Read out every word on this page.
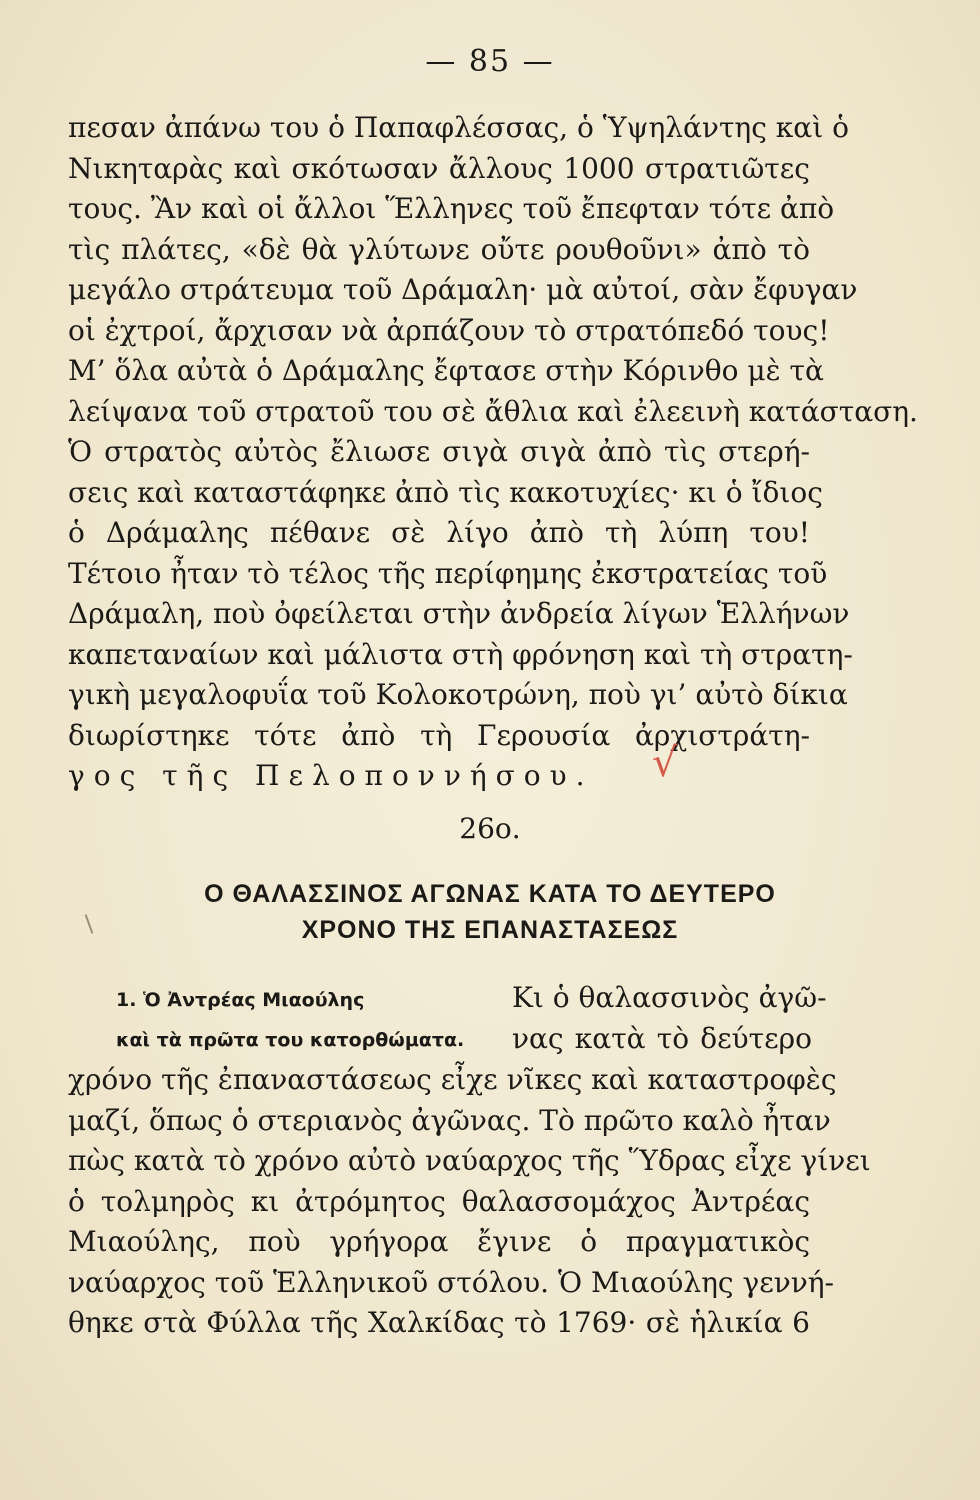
— 85 —
πεσαν ἀπάνω του ὁ Παπαφλέσσας, ὁ Ὑψηλάντης καὶ ὁ
Νικηταρὰς καὶ σκότωσαν ἄλλους 1000 στρατιῶτες
τους. Ἂν καὶ οἱ ἄλλοι Ἕλληνες τοῦ ἔπεφταν τότε ἀπὸ
τὶς πλάτες, «δὲ θὰ γλύτωνε οὔτε ρουθοῦνι» ἀπὸ τὸ
μεγάλο στράτευμα τοῦ Δράμαλη· μὰ αὐτοί, σὰν ἔφυγαν
οἱ ἐχτροί, ἄρχισαν νὰ ἀρπάζουν τὸ στρατόπεδό τους!
Μ’ ὅλα αὐτὰ ὁ Δράμαλης ἔφτασε στὴν Κόρινθο μὲ τὰ
λείψανα τοῦ στρατοῦ του σὲ ἄθλια καὶ ἐλεεινὴ κατάσταση.
Ὁ στρατὸς αὐτὸς ἔλιωσε σιγὰ σιγὰ ἀπὸ τὶς στερή-
σεις καὶ καταστάφηκε ἀπὸ τὶς κακοτυχίες· κι ὁ ἴδιος
ὁ Δράμαλης πέθανε σὲ λίγο ἀπὸ τὴ λύπη του!
Τέτοιο ἦταν τὸ τέλος τῆς περίφημης ἐκστρατείας τοῦ
Δράμαλη, ποὺ ὀφείλεται στὴν ἀνδρεία λίγων Ἑλλήνων
καπεταναίων καὶ μάλιστα στὴ φρόνηση καὶ τὴ στρατη-
γικὴ μεγαλοφυΐα τοῦ Κολοκοτρώνη, ποὺ γι’ αὐτὸ δίκια
διωρίστηκε τότε ἀπὸ τὴ Γερουσία ἀρχιστράτη-
γος τῆς Πελοποννήσου.	√
26ο.
Ο ΘΑΛΑΣΣΙΝΟΣ ΑΓΩΝΑΣ ΚΑΤΑ ΤΟ ΔΕΥΤΕΡΟ
ΧΡΟΝΟ ΤΗΣ ΕΠΑΝΑΣΤΑΣΕΩΣ
1. Ὁ Ἀντρέας Μιαούλης
καὶ τὰ πρῶτα του κατορθώματα.
Κι ὁ θαλασσινὸς ἀγῶ-
νας κατὰ τὸ δεύτερο
χρόνο τῆς ἐπαναστάσεως εἶχε νῖκες καὶ καταστροφὲς
μαζί, ὅπως ὁ στεριανὸς ἀγῶνας. Τὸ πρῶτο καλὸ ἦταν
πὼς κατὰ τὸ χρόνο αὐτὸ ναύαρχος τῆς Ὕδρας εἶχε γίνει
ὁ τολμηρὸς κι ἀτρόμητος θαλασσομάχος Ἀντρέας
Μιαούλης, ποὺ γρήγορα ἔγινε ὁ πραγματικὸς
ναύαρχος τοῦ Ἑλληνικοῦ στόλου. Ὁ Μιαούλης γεννή-
θηκε στὰ Φύλλα τῆς Χαλκίδας τὸ 1769· σὲ ἡλικία 6
